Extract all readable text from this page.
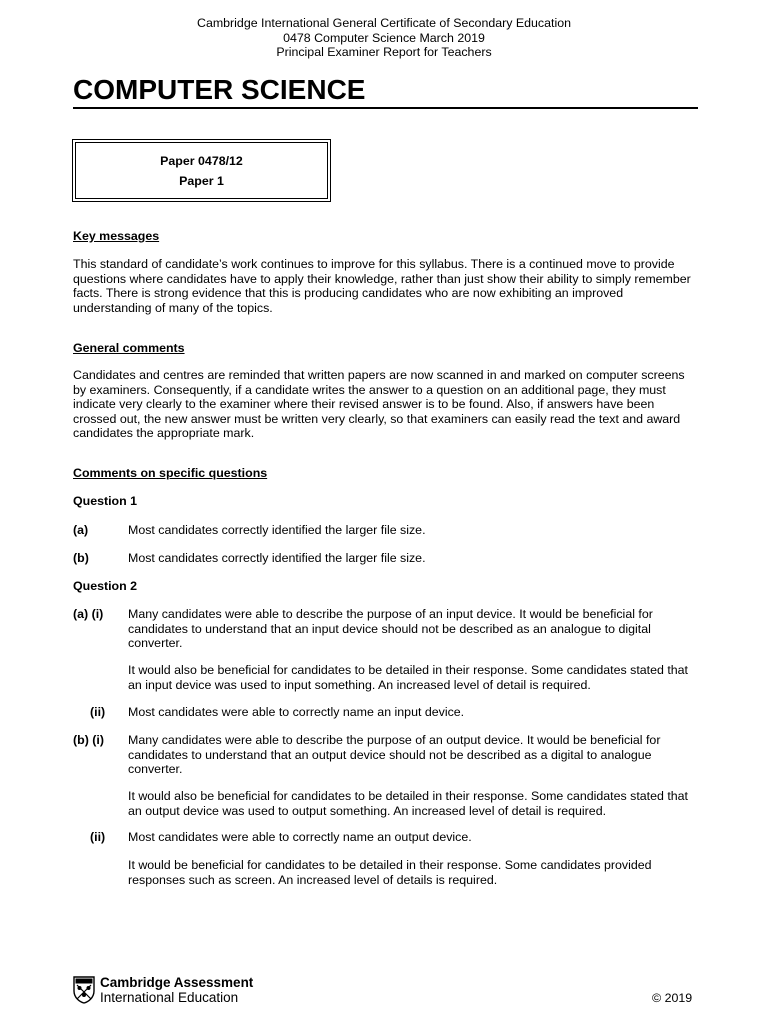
Cambridge International General Certificate of Secondary Education
0478 Computer Science March 2019
Principal Examiner Report for Teachers
COMPUTER SCIENCE
Paper 0478/12
Paper 1
Key messages
This standard of candidate’s work continues to improve for this syllabus. There is a continued move to provide questions where candidates have to apply their knowledge, rather than just show their ability to simply remember facts. There is strong evidence that this is producing candidates who are now exhibiting an improved understanding of many of the topics.
General comments
Candidates and centres are reminded that written papers are now scanned in and marked on computer screens by examiners. Consequently, if a candidate writes the answer to a question on an additional page, they must indicate very clearly to the examiner where their revised answer is to be found. Also, if answers have been crossed out, the new answer must be written very clearly, so that examiners can easily read the text and award candidates the appropriate mark.
Comments on specific questions
Question 1
(a)	Most candidates correctly identified the larger file size.
(b)	Most candidates correctly identified the larger file size.
Question 2
(a) (i) Many candidates were able to describe the purpose of an input device. It would be beneficial for candidates to understand that an input device should not be described as an analogue to digital converter.
It would also be beneficial for candidates to be detailed in their response. Some candidates stated that an input device was used to input something. An increased level of detail is required.
(ii) Most candidates were able to correctly name an input device.
(b) (i) Many candidates were able to describe the purpose of an output device. It would be beneficial for candidates to understand that an output device should not be described as a digital to analogue converter.
It would also be beneficial for candidates to be detailed in their response. Some candidates stated that an output device was used to output something. An increased level of detail is required.
(ii) Most candidates were able to correctly name an output device.
It would be beneficial for candidates to be detailed in their response. Some candidates provided responses such as screen. An increased level of details is required.
Cambridge Assessment
International Education	© 2019
